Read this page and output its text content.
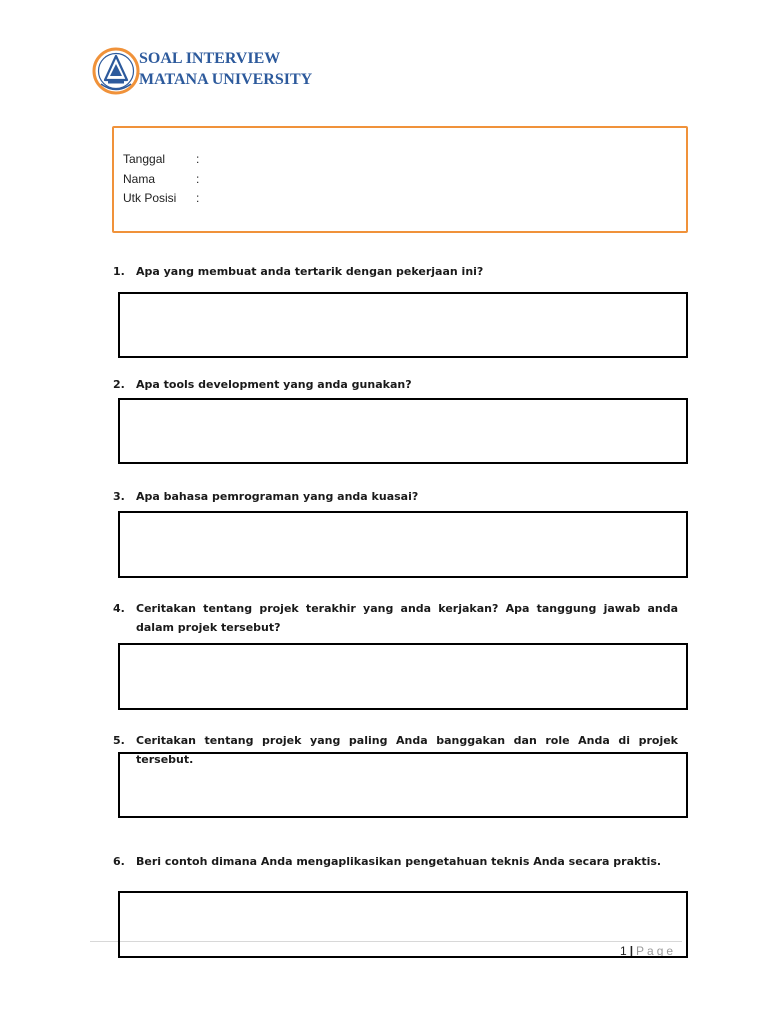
SOAL INTERVIEW
MATANA UNIVERSITY
Tanggal	:
Nama	:
Utk Posisi :
1.	Apa yang membuat anda tertarik dengan pekerjaan ini?
2.	Apa tools development yang anda gunakan?
3.	Apa bahasa pemrograman yang anda kuasai?
4.	Ceritakan tentang projek terakhir yang anda kerjakan? Apa tanggung jawab anda dalam projek tersebut?
5.	Ceritakan tentang projek yang paling Anda banggakan dan role Anda di projek tersebut.
6.	Beri contoh dimana Anda mengaplikasikan pengetahuan teknis Anda secara praktis.
1 | Page
